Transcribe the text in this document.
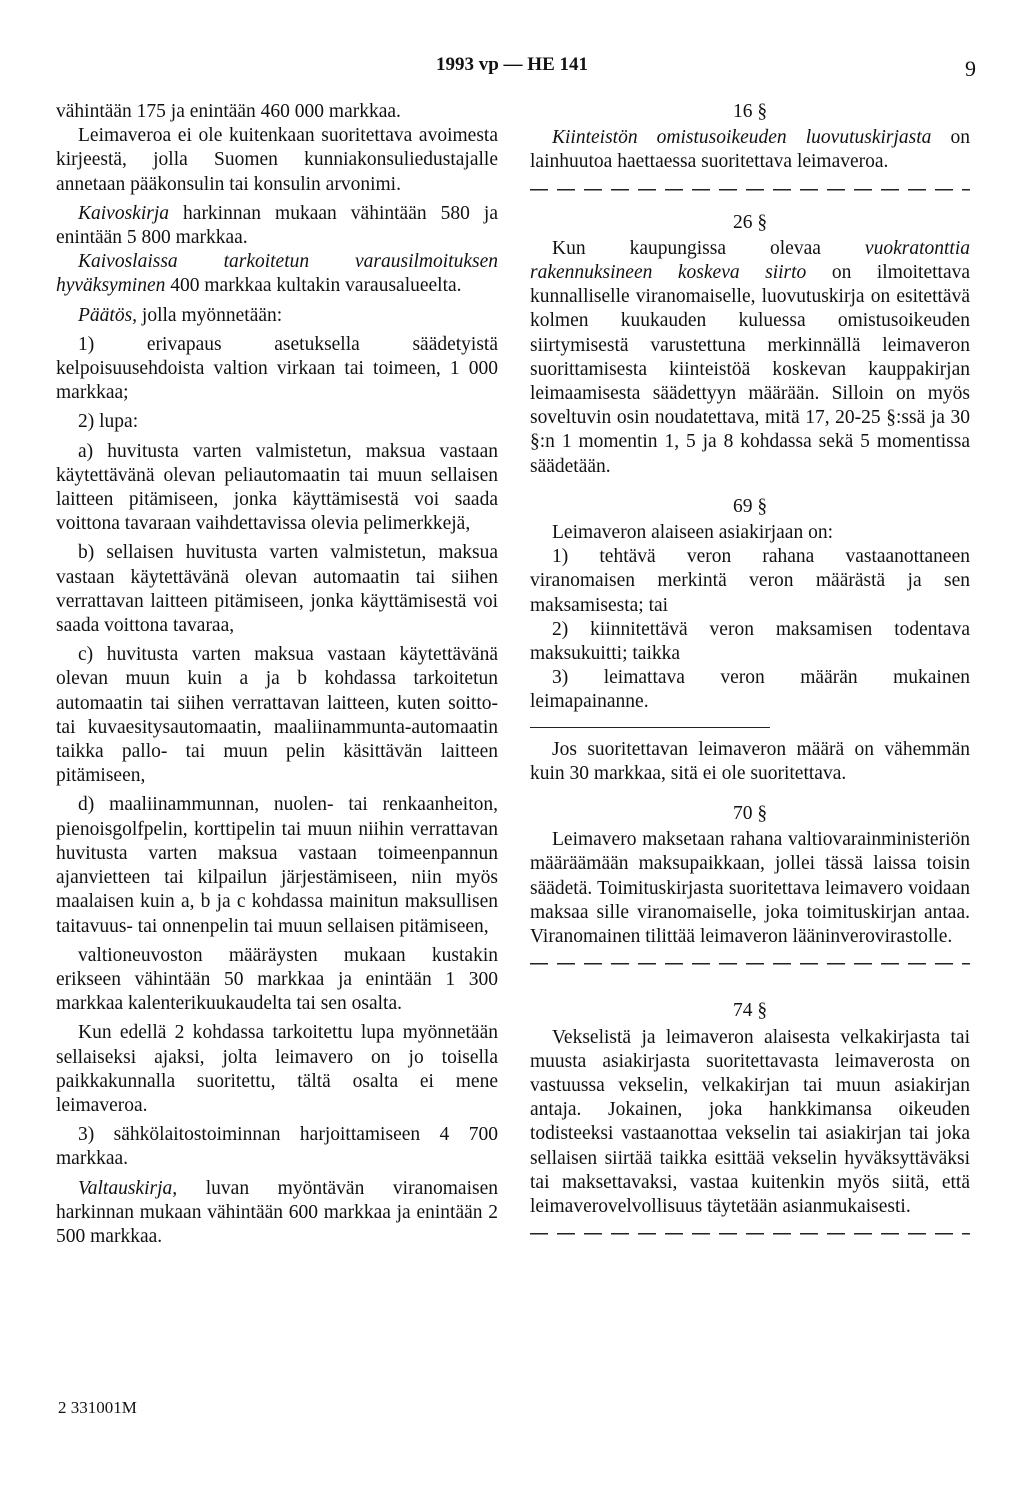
1993 vp — HE 141	9

vähintään 175 ja enintään 460 000 markkaa.

Leimaveroa ei ole kuitenkaan suoritettava avoimesta kirjeestä, jolla Suomen kunniakonsuliedustajalle annetaan pääkonsulin tai konsulin arvonimi.

Kaivoskirja harkinnan mukaan vähintään 580 ja enintään 5 800 markkaa.

Kaivoslaissa tarkoitetun varausilmoituksen hyväksyminen 400 markkaa kultakin varausalueelta.

Päätös, jolla myönnetään:

1) erivapaus asetuksella säädetyistä kelpoisuusehdoista valtion virkaan tai toimeen, 1 000 markkaa;

2) lupa:

a) huvitusta varten valmistetun, maksua vastaan käytettävänä olevan peliautomaatin tai muun sellaisen laitteen pitämiseen, jonka käyttämisestä voi saada voittona tavaraan vaihdettavissa olevia pelimerkkejä,

b) sellaisen huvitusta varten valmistetun, maksua vastaan käytettävänä olevan automaatin tai siihen verrattavan laitteen pitämiseen, jonka käyttämisestä voi saada voittona tavaraa,

c) huvitusta varten maksua vastaan käytettävänä olevan muun kuin a ja b kohdassa tarkoitetun automaatin tai siihen verrattavan laitteen, kuten soitto- tai kuvaesitysautomaatin, maaliinammunta-automaatin taikka pallo- tai muun pelin käsittävän laitteen pitämiseen,

d) maaliinammunnan, nuolen- tai renkaanheiton, pienoisgolfpelin, korttipelin tai muun niihin verrattavan huvitusta varten maksua vastaan toimeenpannun ajanvietteen tai kilpailun järjestämiseen, niin myös maalaisen kuin a, b ja c kohdassa mainitun maksullisen taitavuus- tai onnenpelin tai muun sellaisen pitämiseen,

valtioneuvoston määräysten mukaan kustakin erikseen vähintään 50 markkaa ja enintään 1 300 markkaa kalenterikuukaudelta tai sen osalta.

Kun edellä 2 kohdassa tarkoitettu lupa myönnetään sellaiseksi ajaksi, jolta leimavero on jo toisella paikkakunnalla suoritettu, tältä osalta ei mene leimaveroa.

3) sähkölaitostoiminnan harjoittamiseen 4 700 markkaa.

Valtauskirja, luvan myöntävän viranomaisen harkinnan mukaan vähintään 600 markkaa ja enintään 2 500 markkaa.

16 §

Kiinteistön omistusoikeuden luovutuskirjasta on lainhuutoa haettaessa suoritettava leimaveroa.

26 §

Kun kaupungissa olevaa vuokratonttia rakennuksineen koskeva siirto on ilmoitettava kunnalliselle viranomaiselle, luovutuskirja on esitettävä kolmen kuukauden kuluessa omistusoikeuden siirtymisestä varustettuna merkinnällä leimaveron suorittamisesta kiinteistöä koskevan kauppakirjan leimaamisesta säädettyyn määrään. Silloin on myös soveltuvin osin noudatettava, mitä 17, 20-25 §:ssä ja 30 §:n 1 momentin 1, 5 ja 8 kohdassa sekä 5 momentissa säädetään.

69 §

Leimaveron alaiseen asiakirjaan on:

1) tehtävä veron rahana vastaanottaneen viranomaisen merkintä veron määrästä ja sen maksamisesta; tai

2) kiinnitettävä veron maksamisen todentava maksukuitti; taikka

3) leimattava veron määrän mukainen leimapainanne.

Jos suoritettavan leimaveron määrä on vähemmän kuin 30 markkaa, sitä ei ole suoritettava.

70 §

Leimavero maksetaan rahana valtiovarainministeriön määräämään maksupaikkaan, jollei tässä laissa toisin säädetä. Toimituskirjasta suoritettava leimavero voidaan maksaa sille viranomaiselle, joka toimituskirjan antaa. Viranomainen tilittää leimaveron lääninverovirastolle.

74 §

Vekselistä ja leimaveron alaisesta velkakirjasta tai muusta asiakirjasta suoritettavasta leimaverosta on vastuussa vekselin, velkakirjan tai muun asiakirjan antaja. Jokainen, joka hankkimansa oikeuden todisteeksi vastaanottaa vekselin tai asiakirjan tai joka sellaisen siirtää taikka esittää vekselin hyväksyttäväksi tai maksettavaksi, vastaa kuitenkin myös siitä, että leimaverovelvollisuus täytetään asianmukaisesti.

2 331001M
